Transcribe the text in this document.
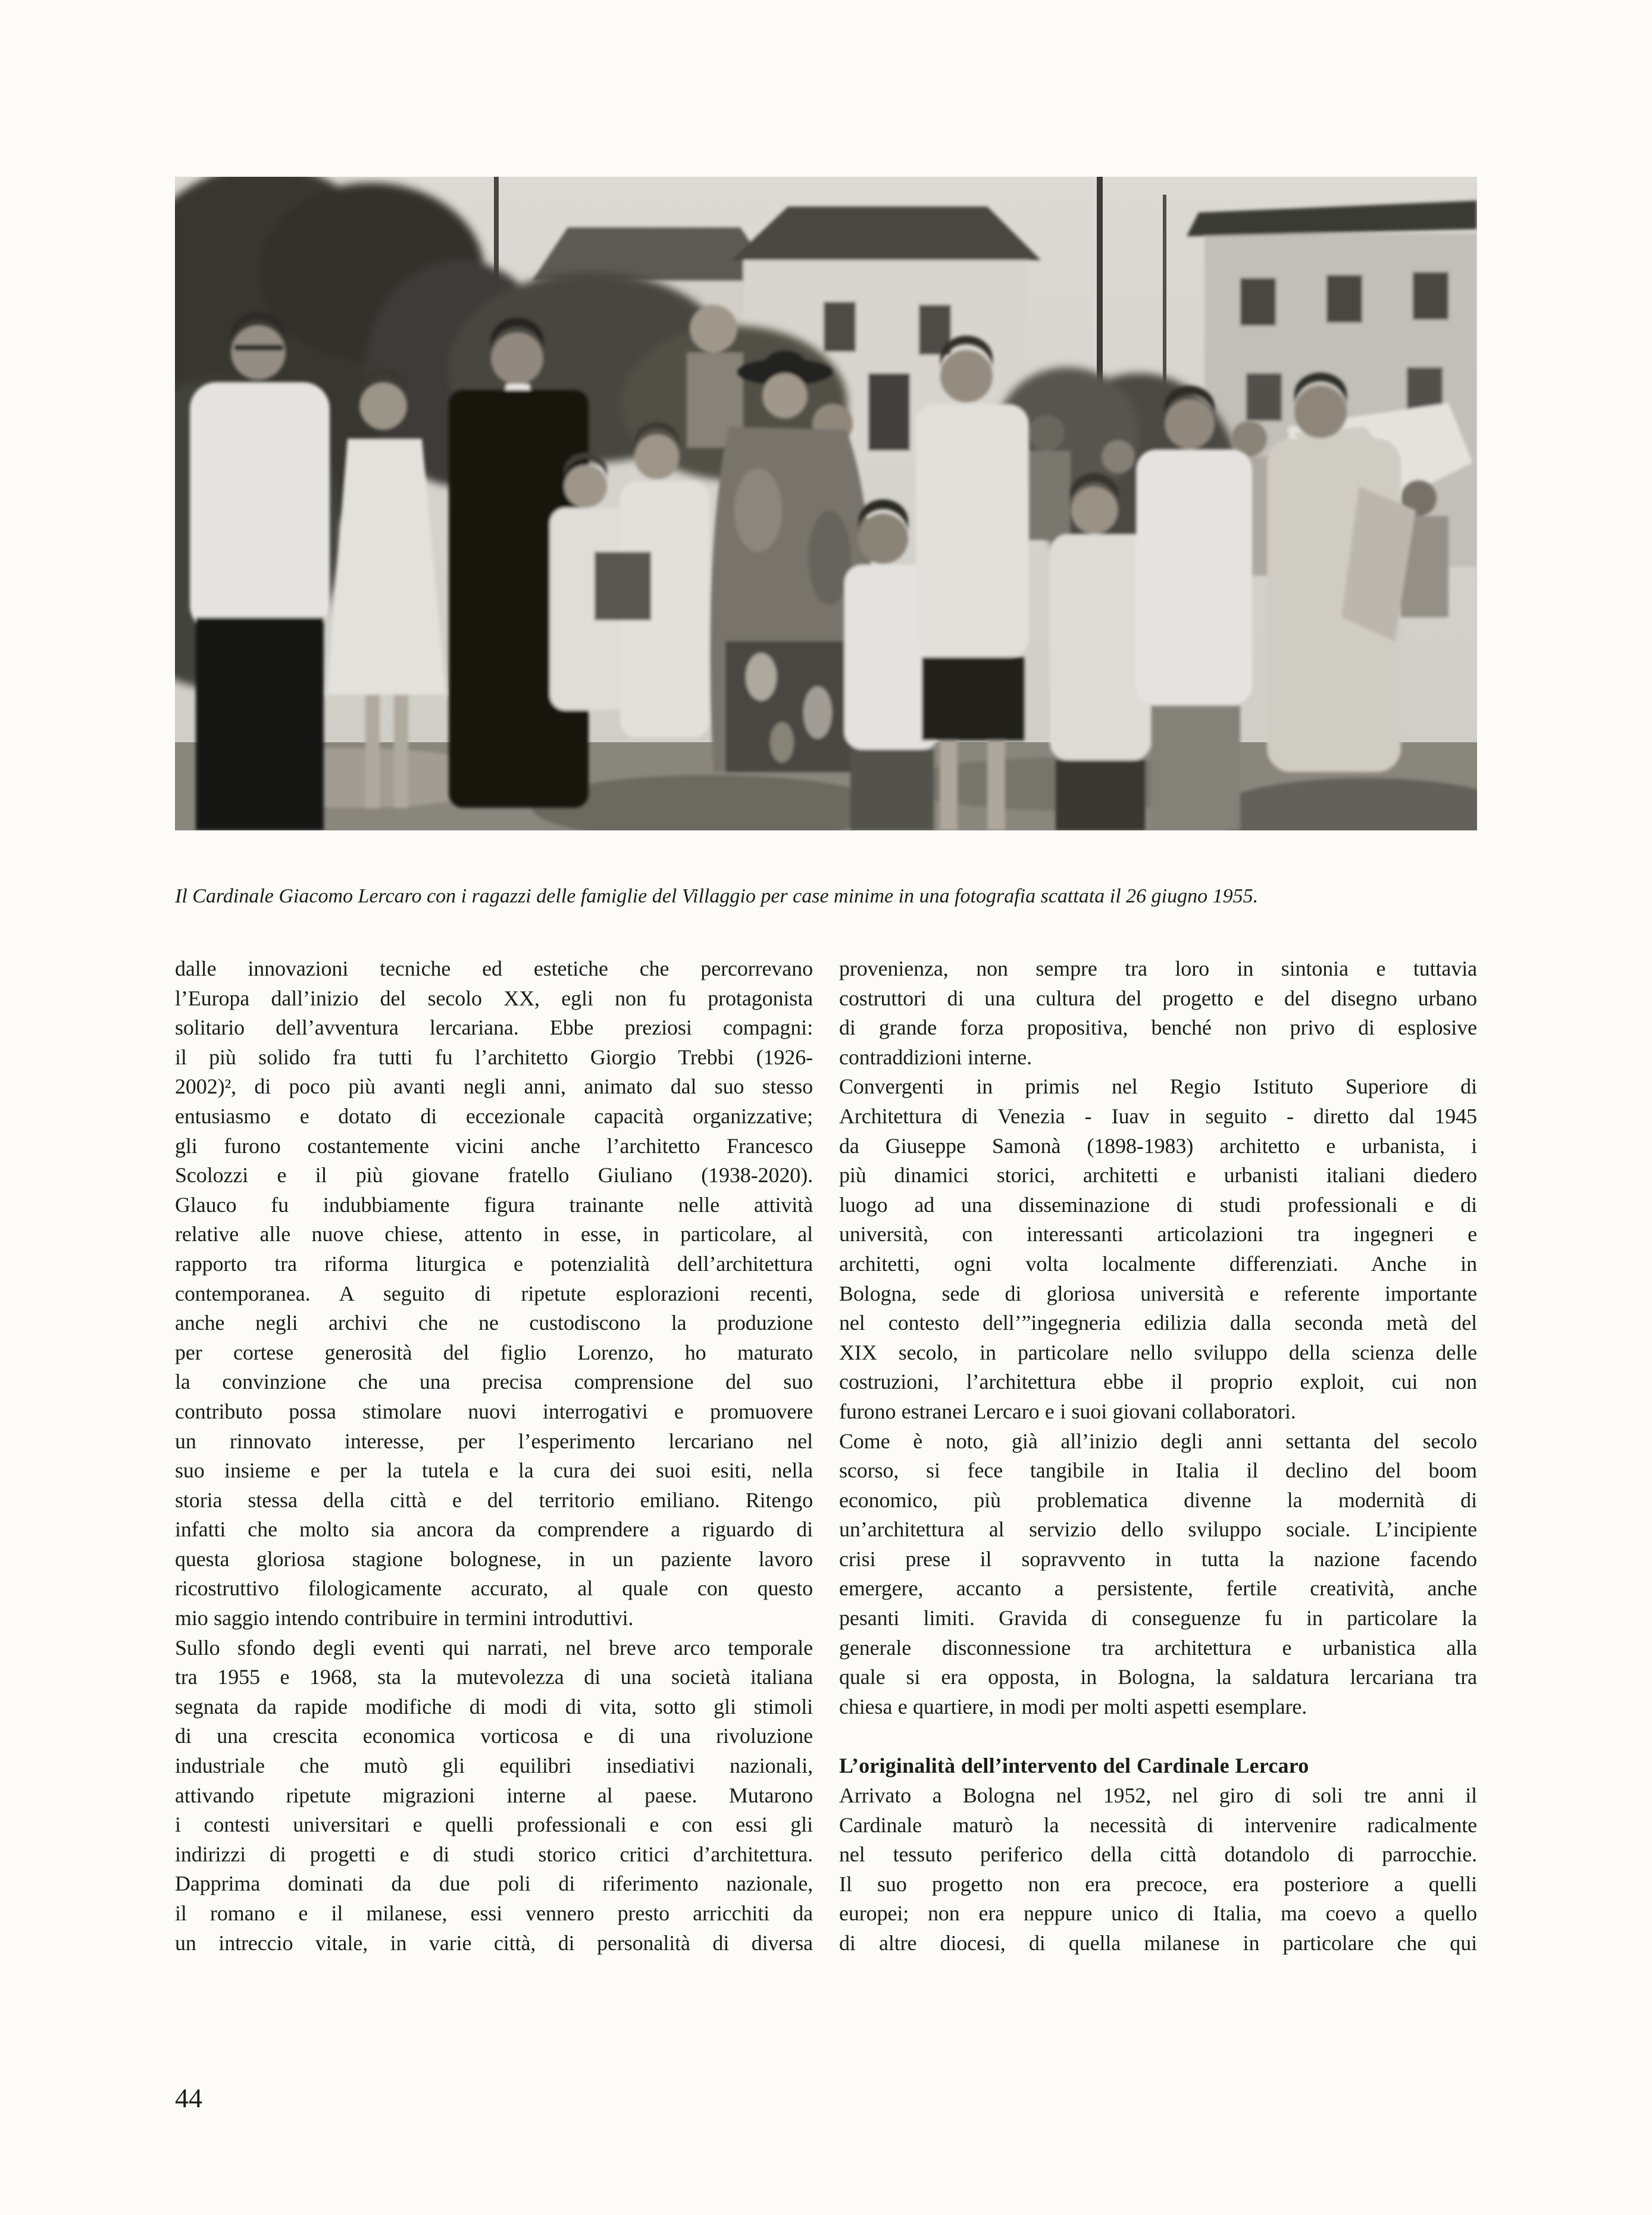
Il Cardinale Giacomo Lercaro con i ragazzi delle famiglie del Villaggio per case minime in una fotografia scattata il 26 giugno 1955.
dalle innovazioni tecniche ed estetiche che percorrevano
l’Europa dall’inizio del secolo XX, egli non fu protagonista
solitario dell’avventura lercariana. Ebbe preziosi compagni:
il più solido fra tutti fu l’architetto Giorgio Trebbi (1926-
2002)², di poco più avanti negli anni, animato dal suo stesso
entusiasmo e dotato di eccezionale capacità organizzative;
gli furono costantemente vicini anche l’architetto Francesco
Scolozzi e il più giovane fratello Giuliano (1938-2020).
Glauco fu indubbiamente figura trainante nelle attività
relative alle nuove chiese, attento in esse, in particolare, al
rapporto tra riforma liturgica e potenzialità dell’architettura
contemporanea. A seguito di ripetute esplorazioni recenti,
anche negli archivi che ne custodiscono la produzione
per cortese generosità del figlio Lorenzo, ho maturato
la convinzione che una precisa comprensione del suo
contributo possa stimolare nuovi interrogativi e promuovere
un rinnovato interesse, per l’esperimento lercariano nel
suo insieme e per la tutela e la cura dei suoi esiti, nella
storia stessa della città e del territorio emiliano. Ritengo
infatti che molto sia ancora da comprendere a riguardo di
questa gloriosa stagione bolognese, in un paziente lavoro
ricostruttivo filologicamente accurato, al quale con questo
mio saggio intendo contribuire in termini introduttivi.
Sullo sfondo degli eventi qui narrati, nel breve arco temporale
tra 1955 e 1968, sta la mutevolezza di una società italiana
segnata da rapide modifiche di modi di vita, sotto gli stimoli
di una crescita economica vorticosa e di una rivoluzione
industriale che mutò gli equilibri insediativi nazionali,
attivando ripetute migrazioni interne al paese. Mutarono
i contesti universitari e quelli professionali e con essi gli
indirizzi di progetti e di studi storico critici d’architettura.
Dapprima dominati da due poli di riferimento nazionale,
il romano e il milanese, essi vennero presto arricchiti da
un intreccio vitale, in varie città, di personalità di diversa
provenienza, non sempre tra loro in sintonia e tuttavia
costruttori di una cultura del progetto e del disegno urbano
di grande forza propositiva, benché non privo di esplosive
contraddizioni interne.
Convergenti in primis nel Regio Istituto Superiore di
Architettura di Venezia - Iuav in seguito - diretto dal 1945
da Giuseppe Samonà (1898-1983) architetto e urbanista, i
più dinamici storici, architetti e urbanisti italiani diedero
luogo ad una disseminazione di studi professionali e di
università, con interessanti articolazioni tra ingegneri e
architetti, ogni volta localmente differenziati. Anche in
Bologna, sede di gloriosa università e referente importante
nel contesto dell’”ingegneria edilizia dalla seconda metà del
XIX secolo, in particolare nello sviluppo della scienza delle
costruzioni, l’architettura ebbe il proprio exploit, cui non
furono estranei Lercaro e i suoi giovani collaboratori.
Come è noto, già all’inizio degli anni settanta del secolo
scorso, si fece tangibile in Italia il declino del boom
economico, più problematica divenne la modernità di
un’architettura al servizio dello sviluppo sociale. L’incipiente
crisi prese il sopravvento in tutta la nazione facendo
emergere, accanto a persistente, fertile creatività, anche
pesanti limiti. Gravida di conseguenze fu in particolare la
generale disconnessione tra architettura e urbanistica alla
quale si era opposta, in Bologna, la saldatura lercariana tra
chiesa e quartiere, in modi per molti aspetti esemplare.
L’originalità dell’intervento del Cardinale Lercaro
Arrivato a Bologna nel 1952, nel giro di soli tre anni il
Cardinale maturò la necessità di intervenire radicalmente
nel tessuto periferico della città dotandolo di parrocchie.
Il suo progetto non era precoce, era posteriore a quelli
europei; non era neppure unico di Italia, ma coevo a quello
di altre diocesi, di quella milanese in particolare che qui
44
